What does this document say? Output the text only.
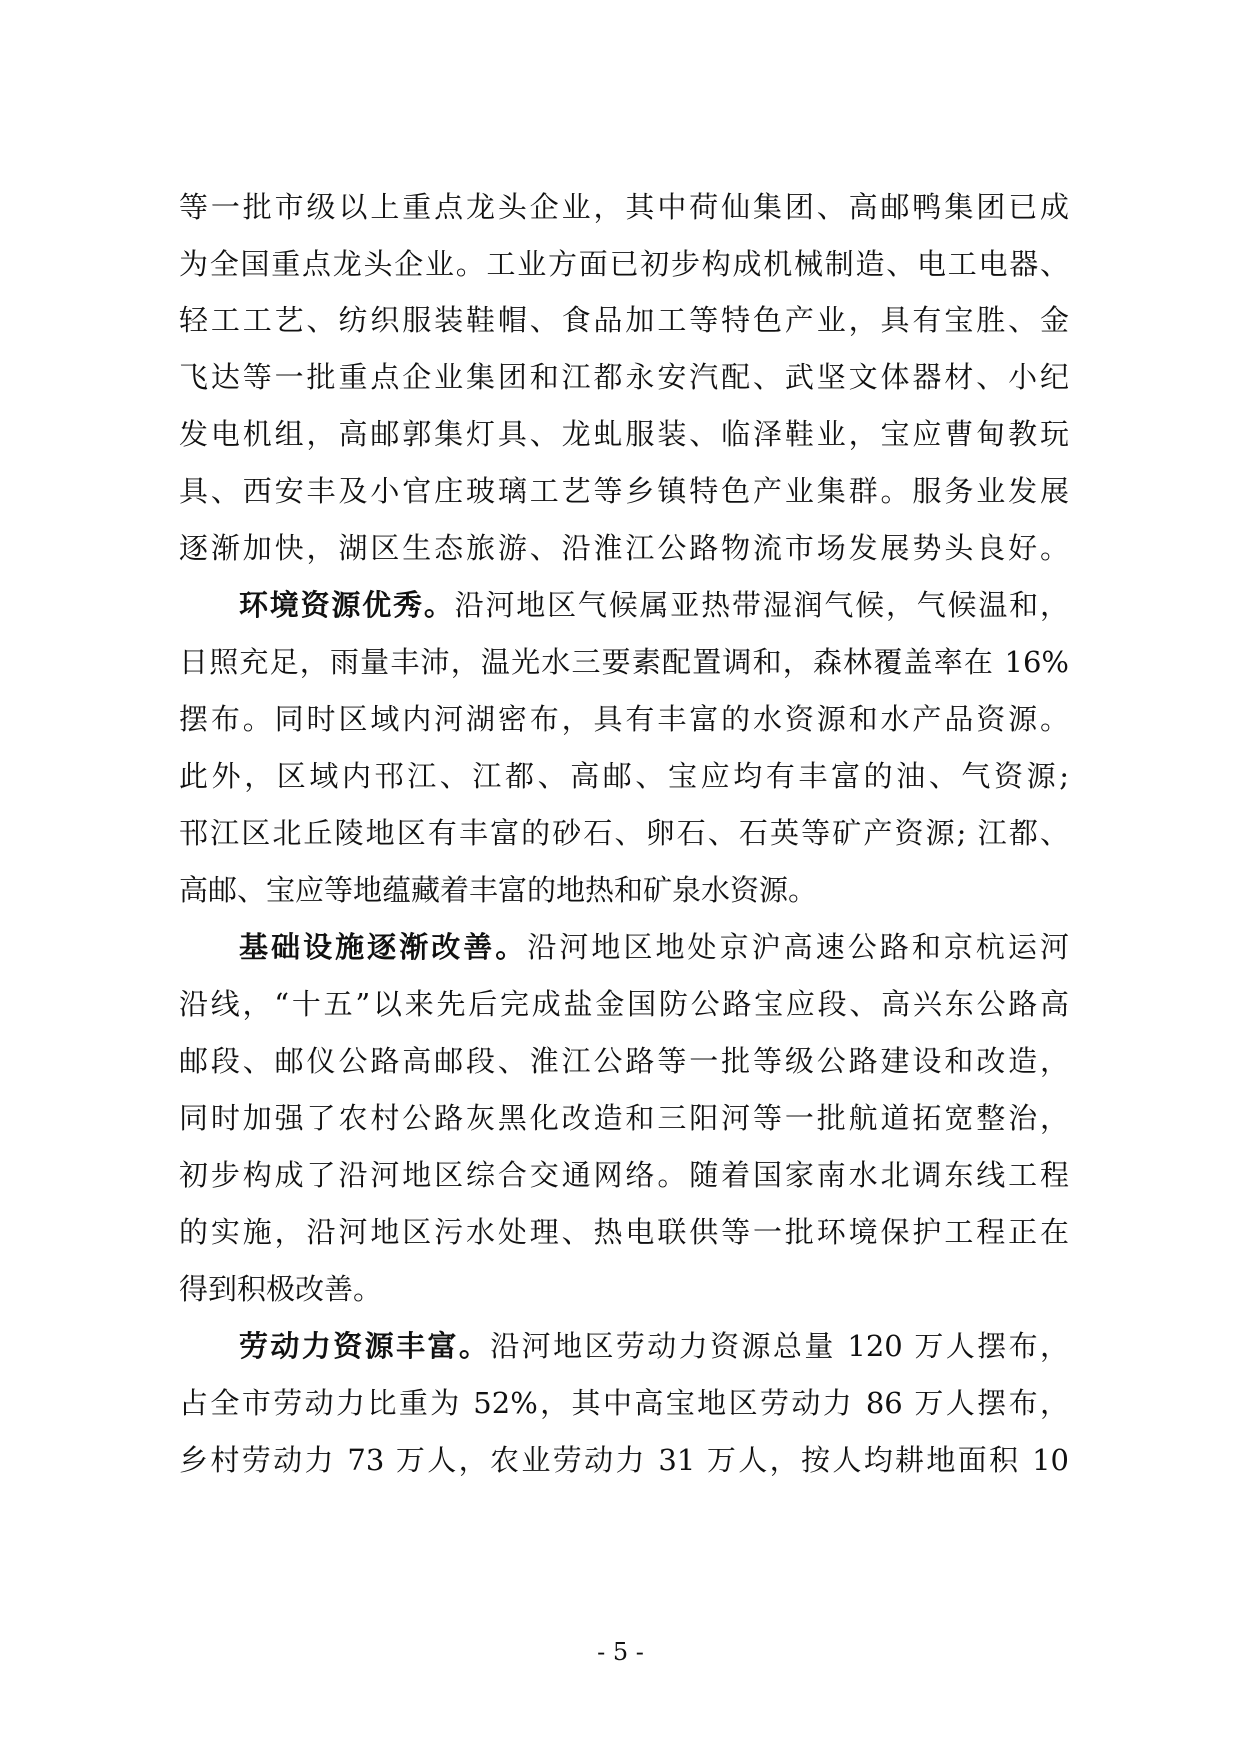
等一批市级以上重点龙头企业，其中荷仙集团、高邮鸭集团已成
为全国重点龙头企业。工业方面已初步构成机械制造、电工电器、
轻工工艺、纺织服装鞋帽、食品加工等特色产业，具有宝胜、金
飞达等一批重点企业集团和江都永安汽配、武坚文体器材、小纪
发电机组，高邮郭集灯具、龙虬服装、临泽鞋业，宝应曹甸教玩
具、西安丰及小官庄玻璃工艺等乡镇特色产业集群。服务业发展
逐渐加快，湖区生态旅游、沿淮江公路物流市场发展势头良好。
环境资源优秀。沿河地区气候属亚热带湿润气候，气候温和，
日照充足，雨量丰沛，温光水三要素配置调和，森林覆盖率在 16%
摆布。同时区域内河湖密布，具有丰富的水资源和水产品资源。
此外，区域内邗江、江都、高邮、宝应均有丰富的油、气资源;
邗江区北丘陵地区有丰富的砂石、卵石、石英等矿产资源; 江都、
高邮、宝应等地蕴藏着丰富的地热和矿泉水资源。
基础设施逐渐改善。沿河地区地处京沪高速公路和京杭运河
沿线，“十五”以来先后完成盐金国防公路宝应段、高兴东公路高
邮段、邮仪公路高邮段、淮江公路等一批等级公路建设和改造，
同时加强了农村公路灰黑化改造和三阳河等一批航道拓宽整治，
初步构成了沿河地区综合交通网络。随着国家南水北调东线工程
的实施，沿河地区污水处理、热电联供等一批环境保护工程正在
得到积极改善。
劳动力资源丰富。沿河地区劳动力资源总量 120 万人摆布，
占全市劳动力比重为 52%，其中高宝地区劳动力 86 万人摆布，
乡村劳动力 73 万人，农业劳动力 31 万人，按人均耕地面积 10
- 5 -
